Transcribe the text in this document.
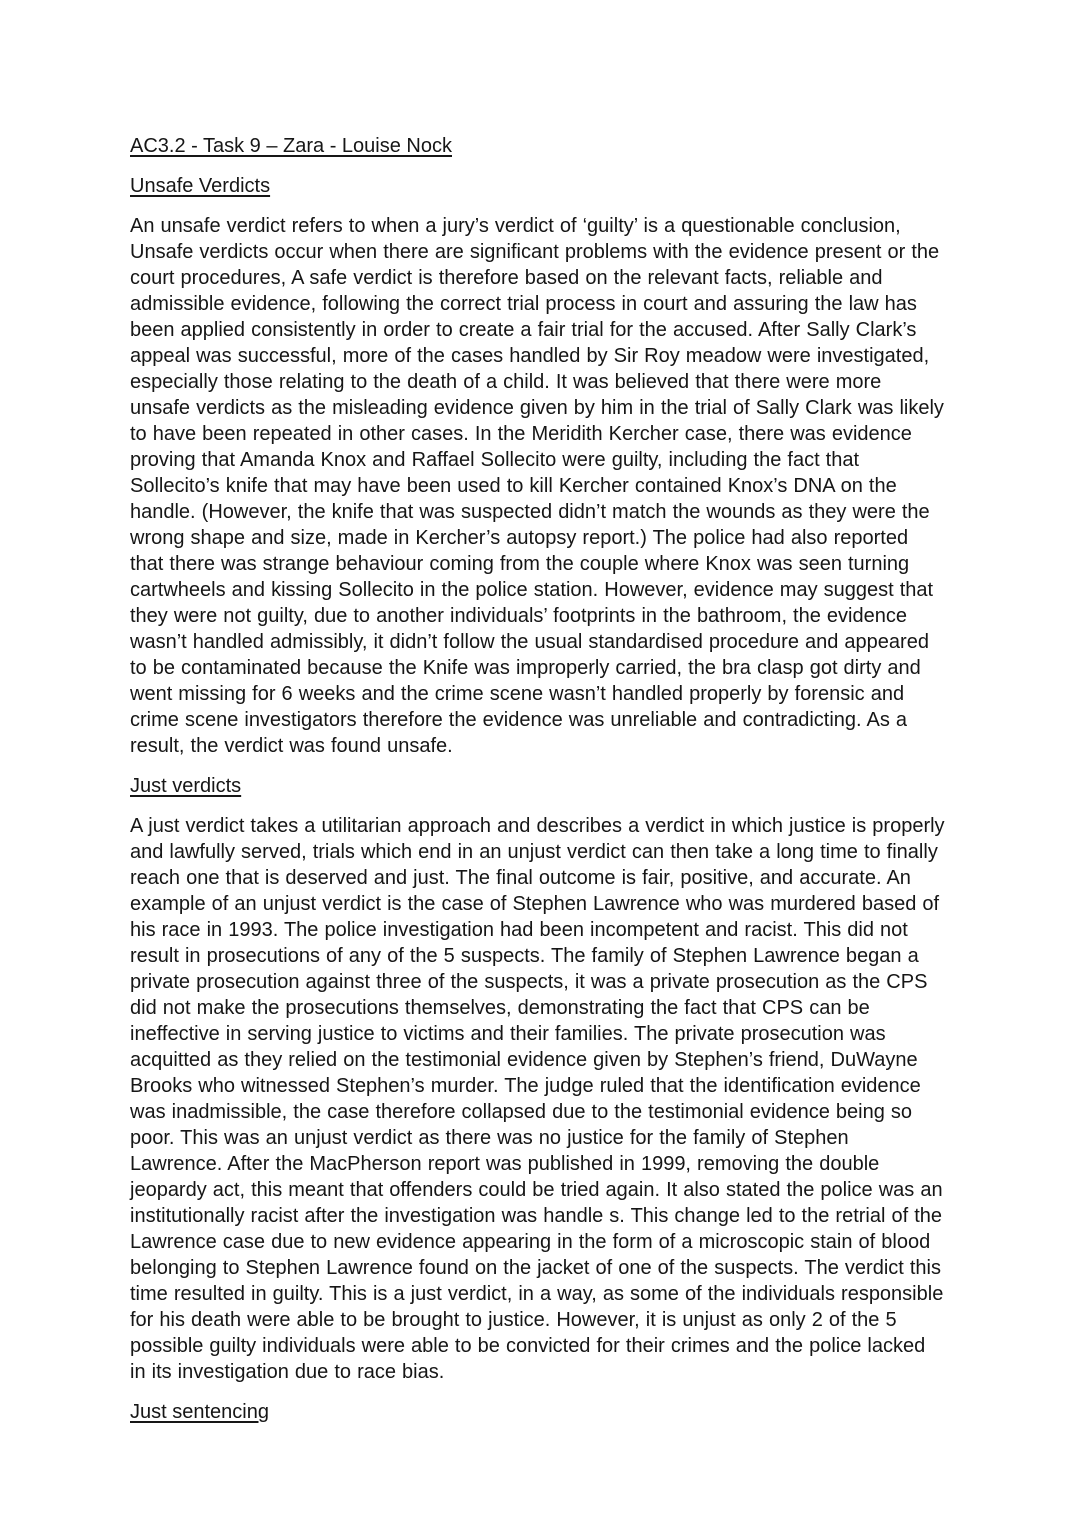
AC3.2 - Task 9 – Zara - Louise Nock

Unsafe Verdicts

An unsafe verdict refers to when a jury’s verdict of ‘guilty’ is a questionable conclusion, Unsafe verdicts occur when there are significant problems with the evidence present or the court procedures, A safe verdict is therefore based on the relevant facts, reliable and admissible evidence, following the correct trial process in court and assuring the law has been applied consistently in order to create a fair trial for the accused. After Sally Clark’s appeal was successful, more of the cases handled by Sir Roy meadow were investigated, especially those relating to the death of a child. It was believed that there were more unsafe verdicts as the misleading evidence given by him in the trial of Sally Clark was likely to have been repeated in other cases. In the Meridith Kercher case, there was evidence proving that Amanda Knox and Raffael Sollecito were guilty, including the fact that Sollecito’s knife that may have been used to kill Kercher contained Knox’s DNA on the handle. (However, the knife that was suspected didn’t match the wounds as they were the wrong shape and size, made in Kercher’s autopsy report.) The police had also reported that there was strange behaviour coming from the couple where Knox was seen turning cartwheels and kissing Sollecito in the police station. However, evidence may suggest that they were not guilty, due to another individuals’ footprints in the bathroom, the evidence wasn’t handled admissibly, it didn’t follow the usual standardised procedure and appeared to be contaminated because the Knife was improperly carried, the bra clasp got dirty and went missing for 6 weeks and the crime scene wasn’t handled properly by forensic and crime scene investigators therefore the evidence was unreliable and contradicting. As a result, the verdict was found unsafe.

Just verdicts

A just verdict takes a utilitarian approach and describes a verdict in which justice is properly and lawfully served, trials which end in an unjust verdict can then take a long time to finally reach one that is deserved and just. The final outcome is fair, positive, and accurate. An example of an unjust verdict is the case of Stephen Lawrence who was murdered based of his race in 1993. The police investigation had been incompetent and racist. This did not result in prosecutions of any of the 5 suspects. The family of Stephen Lawrence began a private prosecution against three of the suspects, it was a private prosecution as the CPS did not make the prosecutions themselves, demonstrating the fact that CPS can be ineffective in serving justice to victims and their families. The private prosecution was acquitted as they relied on the testimonial evidence given by Stephen’s friend, DuWayne Brooks who witnessed Stephen’s murder. The judge ruled that the identification evidence was inadmissible, the case therefore collapsed due to the testimonial evidence being so poor. This was an unjust verdict as there was no justice for the family of Stephen Lawrence. After the MacPherson report was published in 1999, removing the double jeopardy act, this meant that offenders could be tried again. It also stated the police was an institutionally racist after the investigation was handle s. This change led to the retrial of the Lawrence case due to new evidence appearing in the form of a microscopic stain of blood belonging to Stephen Lawrence found on the jacket of one of the suspects. The verdict this time resulted in guilty. This is a just verdict, in a way, as some of the individuals responsible for his death were able to be brought to justice. However, it is unjust as only 2 of the 5 possible guilty individuals were able to be convicted for their crimes and the police lacked in its investigation due to race bias.

Just sentencing
